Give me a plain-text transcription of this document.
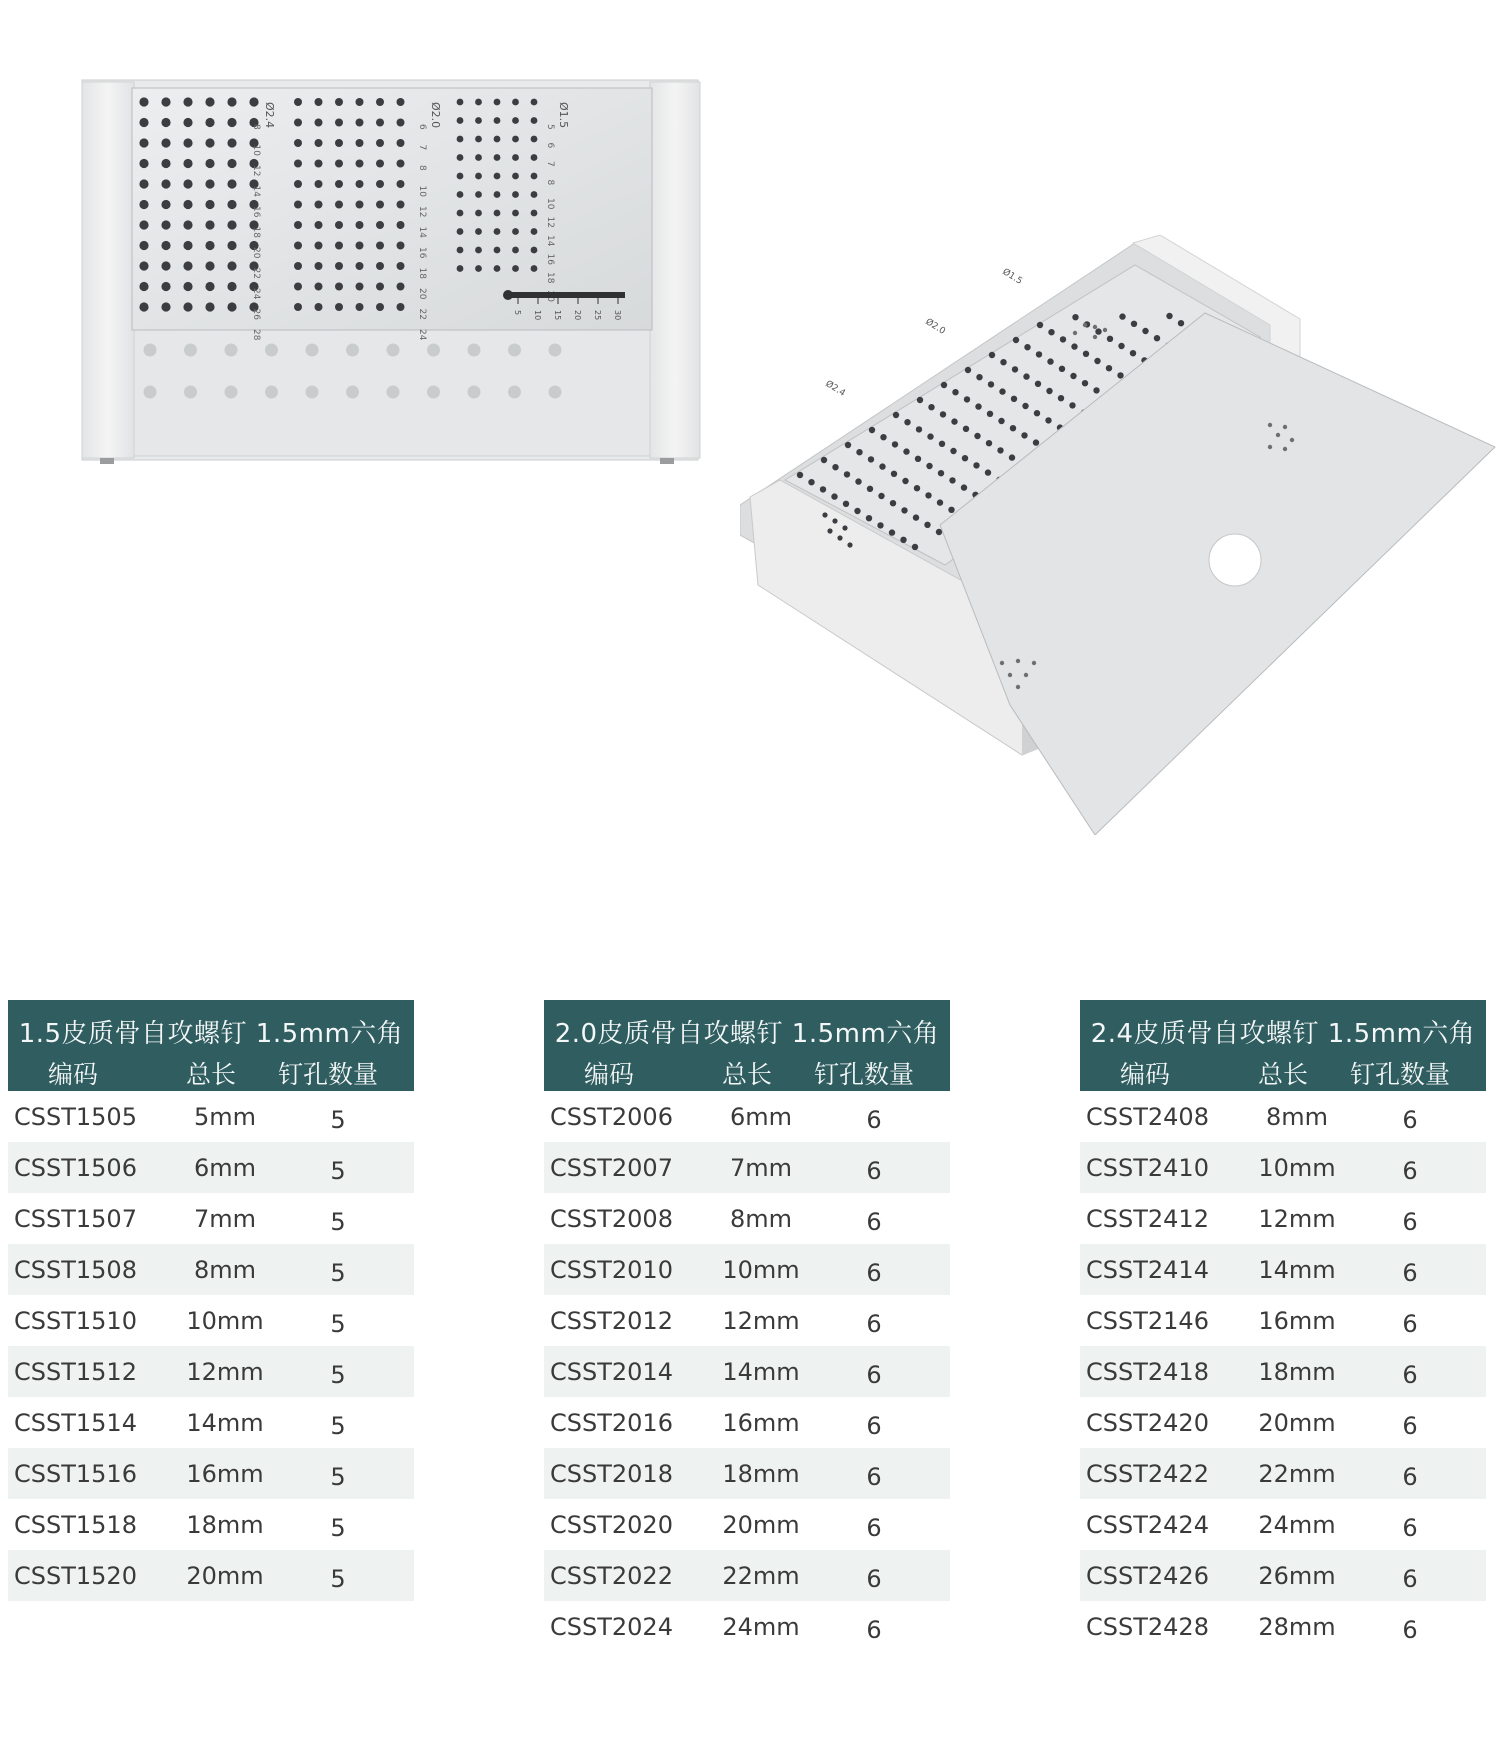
Ø2.4
8
10
12
14
16
18
20
22
24
26
28
Ø2.0
6
7
8
10
12
14
16
18
20
22
24
Ø1.5
5
6
7
8
10
12
14
16
18
5 10 15 20 25 30
Ø1.5
Ø2.0
Ø2.4
1.5皮质骨自攻螺钉 1.5mm六角
编码	总长 钉孔数量
CSST1505	5mm	5
CSST1506	6mm	5
CSST1507	7mm	5
CSST1508	8mm	5
CSST1510	10mm	5
CSST1512	12mm	5
CSST1514	14mm	5
CSST1516	16mm	5
CSST1518	18mm	5
CSST1520	20mm	5
2.0皮质骨自攻螺钉 1.5mm六角
编码	总长 钉孔数量
CSST2006	6mm	6
CSST2007	7mm	6
CSST2008	8mm	6
CSST2010	10mm	6
CSST2012	12mm	6
CSST2014	14mm	6
CSST2016	16mm	6
CSST2018	18mm	6
CSST2020	20mm	6
CSST2022	22mm	6
CSST2024	24mm	6
2.4皮质骨自攻螺钉 1.5mm六角
编码	总长 钉孔数量
CSST2408	8mm	6
CSST2410	10mm	6
CSST2412	12mm	6
CSST2414	14mm	6
CSST2146	16mm	6
CSST2418	18mm	6
CSST2420	20mm	6
CSST2422	22mm	6
CSST2424	24mm	6
CSST2426	26mm	6
CSST2428	28mm	6
